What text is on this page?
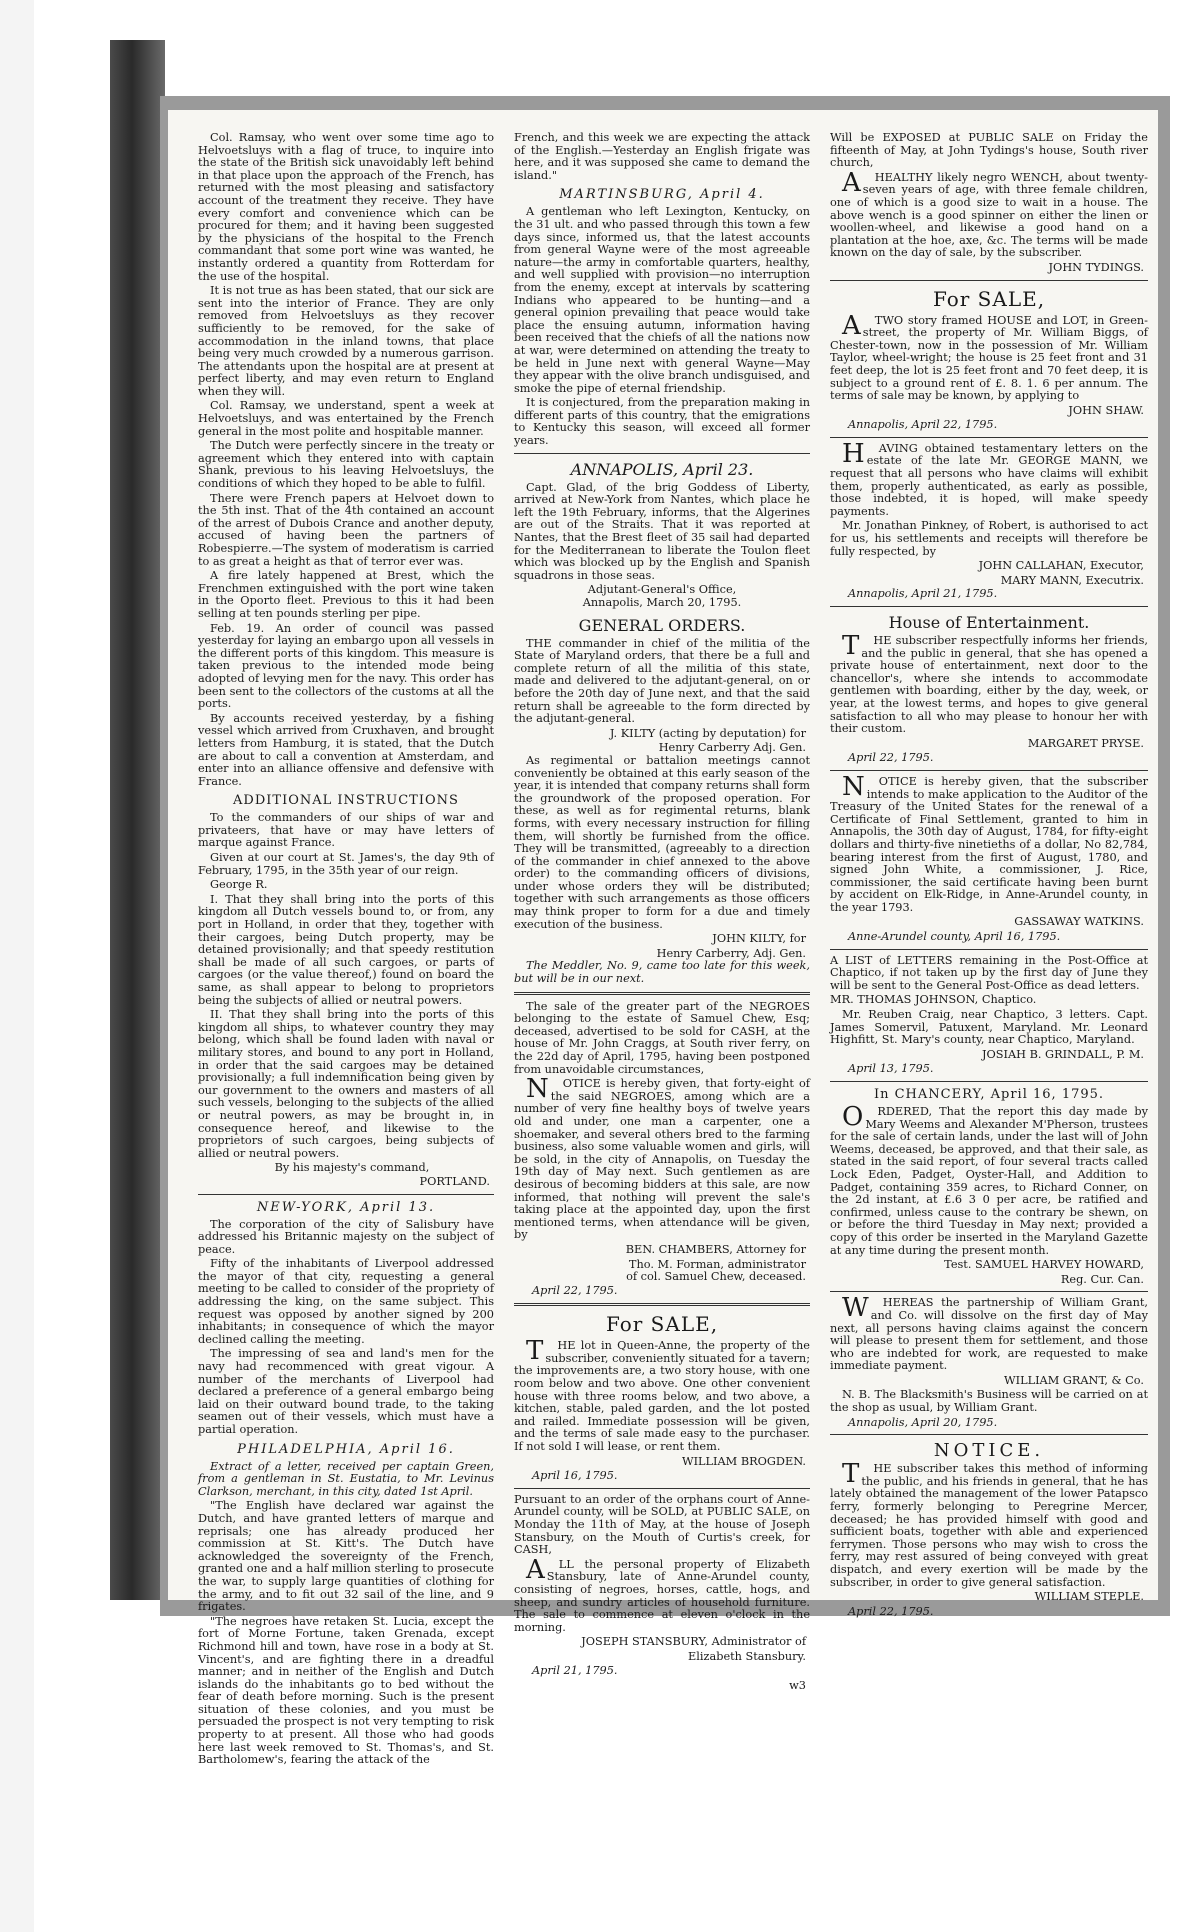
Col. Ramsay, who went over some time ago to Helvoetsluys with a flag of truce, to inquire into the state of the British sick unavoidably left behind in that place upon the approach of the French, has returned with the most pleasing and satisfactory account of the treatment they receive. They have every comfort and convenience which can be procured for them; and it having been suggested by the physicians of the hospital to the French commandant that some port wine was wanted, he instantly ordered a quantity from Rotterdam for the use of the hospital.

It is not true as has been stated, that our sick are sent into the interior of France. They are only removed from Helvoetsluys as they recover sufficiently to be removed, for the sake of accommodation in the inland towns, that place being very much crowded by a numerous garrison. The attendants upon the hospital are at present at perfect liberty, and may even return to England when they will.

Col. Ramsay, we understand, spent a week at Helvoetsluys, and was entertained by the French general in the most polite and hospitable manner.

The Dutch were perfectly sincere in the treaty or agreement which they entered into with captain Shank, previous to his leaving Helvoetsluys, the conditions of which they hoped to be able to fulfil.

There were French papers at Helvoet down to the 5th inst. That of the 4th contained an account of the arrest of Dubois Crance and another deputy, accused of having been the partners of Robespierre.—The system of moderatism is carried to as great a height as that of terror ever was.

A fire lately happened at Brest, which the Frenchmen extinguished with the port wine taken in the Oporto fleet. Previous to this it had been selling at ten pounds sterling per pipe.

Feb. 19. An order of council was passed yesterday for laying an embargo upon all vessels in the different ports of this kingdom. This measure is taken previous to the intended mode being adopted of levying men for the navy. This order has been sent to the collectors of the customs at all the ports.

By accounts received yesterday, by a fishing vessel which arrived from Cruxhaven, and brought letters from Hamburg, it is stated, that the Dutch are about to call a convention at Amsterdam, and enter into an alliance offensive and defensive with France.

ADDITIONAL INSTRUCTIONS

To the commanders of our ships of war and privateers, that have or may have letters of marque against France.

Given at our court at St. James's, the day 9th of February, 1795, in the 35th year of our reign.

George R.

I. That they shall bring into the ports of this kingdom all Dutch vessels bound to, or from, any port in Holland, in order that they, together with their cargoes, being Dutch property, may be detained provisionally; and that speedy restitution shall be made of all such cargoes, or parts of cargoes (or the value thereof,) found on board the same, as shall appear to belong to proprietors being the subjects of allied or neutral powers.

II. That they shall bring into the ports of this kingdom all ships, to whatever country they may belong, which shall be found laden with naval or military stores, and bound to any port in Holland, in order that the said cargoes may be detained provisionally; a full indemnification being given by our government to the owners and masters of all such vessels, belonging to the subjects of the allied or neutral powers, as may be brought in, in consequence hereof, and likewise to the proprietors of such cargoes, being subjects of allied or neutral powers.

By his majesty's command,

PORTLAND.
NEW-YORK, April 13.

The corporation of the city of Salisbury have addressed his Britannic majesty on the subject of peace.

Fifty of the inhabitants of Liverpool addressed the mayor of that city, requesting a general meeting to be called to consider of the propriety of addressing the king, on the same subject. This request was opposed by another signed by 200 inhabitants; in consequence of which the mayor declined calling the meeting.

The impressing of sea and land's men for the navy had recommenced with great vigour. A number of the merchants of Liverpool had declared a preference of a general embargo being laid on their outward bound trade, to the taking seamen out of their vessels, which must have a partial operation.

PHILADELPHIA, April 16.

Extract of a letter, received per captain Green, from a gentleman in St. Eustatia, to Mr. Levinus Clarkson, merchant, in this city, dated 1st April.

"The English have declared war against the Dutch, and have granted letters of marque and reprisals; one has already produced her commission at St. Kitt's. The Dutch have acknowledged the sovereignty of the French, granted one and a half million sterling to prosecute the war, to supply large quantities of clothing for the army, and to fit out 32 sail of the line, and 9 frigates.

"The negroes have retaken St. Lucia, except the fort of Morne Fortune, taken Grenada, except Richmond hill and town, have rose in a body at St. Vincent's, and are fighting there in a dreadful manner; and in neither of the English and Dutch islands do the inhabitants go to bed without the fear of death before morning. Such is the present situation of these colonies, and you must be persuaded the prospect is not very tempting to risk property to at present. All those who had goods here last week removed to St. Thomas's, and St. Bartholomew's, fearing the attack of the

French, and this week we are expecting the attack of the English.—Yesterday an English frigate was here, and it was supposed she came to demand the island."

MARTINSBURG, April 4.

A gentleman who left Lexington, Kentucky, on the 31 ult. and who passed through this town a few days since, informed us, that the latest accounts from general Wayne were of the most agreeable nature—the army in comfortable quarters, healthy, and well supplied with provision—no interruption from the enemy, except at intervals by scattering Indians who appeared to be hunting—and a general opinion prevailing that peace would take place the ensuing autumn, information having been received that the chiefs of all the nations now at war, were determined on attending the treaty to be held in June next with general Wayne—May they appear with the olive branch undisguised, and smoke the pipe of eternal friendship.

It is conjectured, from the preparation making in different parts of this country, that the emigrations to Kentucky this season, will exceed all former years.

ANNAPOLIS, April 23.

Capt. Glad, of the brig Goddess of Liberty, arrived at New-York from Nantes, which place he left the 19th February, informs, that the Algerines are out of the Straits. That it was reported at Nantes, that the Brest fleet of 35 sail had departed for the Mediterranean to liberate the Toulon fleet which was blocked up by the English and Spanish squadrons in those seas.

Adjutant-General's Office,
Annapolis, March 20, 1795.
GENERAL ORDERS.

THE commander in chief of the militia of the State of Maryland orders, that there be a full and complete return of all the militia of this state, made and delivered to the adjutant-general, on or before the 20th day of June next, and that the said return shall be agreeable to the form directed by the adjutant-general.

J. KILTY (acting by deputation) for
Henry Carberry Adj. Gen.

As regimental or battalion meetings cannot conveniently be obtained at this early season of the year, it is intended that company returns shall form the groundwork of the proposed operation. For these, as well as for regimental returns, blank forms, with every necessary instruction for filling them, will shortly be furnished from the office. They will be transmitted, (agreeably to a direction of the commander in chief annexed to the above order) to the commanding officers of divisions, under whose orders they will be distributed; together with such arrangements as those officers may think proper to form for a due and timely execution of the business.

JOHN KILTY, for
Henry Carberry, Adj. Gen.

The Meddler, No. 9, came too late for this week, but will be in our next.

The sale of the greater part of the NEGROES belonging to the estate of Samuel Chew, Esq; deceased, advertised to be sold for CASH, at the house of Mr. John Craggs, at South river ferry, on the 22d day of April, 1795, having been postponed from unavoidable circumstances,

NOTICE is hereby given, that forty-eight of the said NEGROES, among which are a number of very fine healthy boys of twelve years old and under, one man a carpenter, one a shoemaker, and several others bred to the farming business, also some valuable women and girls, will be sold, in the city of Annapolis, on Tuesday the 19th day of May next. Such gentlemen as are desirous of becoming bidders at this sale, are now informed, that nothing will prevent the sale's taking place at the appointed day, upon the first mentioned terms, when attendance will be given, by

BEN. CHAMBERS, Attorney for
Tho. M. Forman, administrator
of col. Samuel Chew, deceased.
April 22, 1795.
For SALE,

THE lot in Queen-Anne, the property of the subscriber, conveniently situated for a tavern; the improvements are, a two story house, with one room below and two above. One other convenient house with three rooms below, and two above, a kitchen, stable, paled garden, and the lot posted and railed. Immediate possession will be given, and the terms of sale made easy to the purchaser. If not sold I will lease, or rent them.

WILLIAM BROGDEN.
April 16, 1795.

Pursuant to an order of the orphans court of Anne-Arundel county, will be SOLD, at PUBLIC SALE, on Monday the 11th of May, at the house of Joseph Stansbury, on the Mouth of Curtis's creek, for CASH,

ALL the personal property of Elizabeth Stansbury, late of Anne-Arundel county, consisting of negroes, horses, cattle, hogs, and sheep, and sundry articles of household furniture. The sale to commence at eleven o'clock in the morning.

JOSEPH STANSBURY, Administrator of
Elizabeth Stansbury.
April 21, 1795.
w3

Will be EXPOSED at PUBLIC SALE on Friday the fifteenth of May, at John Tydings's house, South river church,

AHEALTHY likely negro WENCH, about twenty-seven years of age, with three female children, one of which is a good size to wait in a house. The above wench is a good spinner on either the linen or woollen-wheel, and likewise a good hand on a plantation at the hoe, axe, &c. The terms will be made known on the day of sale, by the subscriber.

JOHN TYDINGS.
For SALE,

ATWO story framed HOUSE and LOT, in Green-street, the property of Mr. William Biggs, of Chester-town, now in the possession of Mr. William Taylor, wheel-wright; the house is 25 feet front and 31 feet deep, the lot is 25 feet front and 70 feet deep, it is subject to a ground rent of £. 8. 1. 6 per annum. The terms of sale may be known, by applying to

JOHN SHAW.
Annapolis, April 22, 1795.

HAVING obtained testamentary letters on the estate of the late Mr. GEORGE MANN, we request that all persons who have claims will exhibit them, properly authenticated, as early as possible, those indebted, it is hoped, will make speedy payments.

Mr. Jonathan Pinkney, of Robert, is authorised to act for us, his settlements and receipts will therefore be fully respected, by

JOHN CALLAHAN, Executor,
MARY MANN, Executrix.
Annapolis, April 21, 1795.
House of Entertainment.

THE subscriber respectfully informs her friends, and the public in general, that she has opened a private house of entertainment, next door to the chancellor's, where she intends to accommodate gentlemen with boarding, either by the day, week, or year, at the lowest terms, and hopes to give general satisfaction to all who may please to honour her with their custom.

MARGARET PRYSE.
April 22, 1795.

NOTICE is hereby given, that the subscriber intends to make application to the Auditor of the Treasury of the United States for the renewal of a Certificate of Final Settlement, granted to him in Annapolis, the 30th day of August, 1784, for fifty-eight dollars and thirty-five ninetieths of a dollar, No 82,784, bearing interest from the first of August, 1780, and signed John White, a commissioner, J. Rice, commissioner, the said certificate having been burnt by accident on Elk-Ridge, in Anne-Arundel county, in the year 1793.

GASSAWAY WATKINS.
Anne-Arundel county, April 16, 1795.

A LIST of LETTERS remaining in the Post-Office at Chaptico, if not taken up by the first day of June they will be sent to the General Post-Office as dead letters.

MR. THOMAS JOHNSON, Chaptico.

Mr. Reuben Craig, near Chaptico, 3 letters. Capt. James Somervil, Patuxent, Maryland. Mr. Leonard Highfitt, St. Mary's county, near Chaptico, Maryland.

JOSIAH B. GRINDALL, P. M.
April 13, 1795.
In CHANCERY, April 16, 1795.

ORDERED, That the report this day made by Mary Weems and Alexander M'Pherson, trustees for the sale of certain lands, under the last will of John Weems, deceased, be approved, and that their sale, as stated in the said report, of four several tracts called Lock Eden, Padget, Oyster-Hall, and Addition to Padget, containing 359 acres, to Richard Conner, on the 2d instant, at £.6 3 0 per acre, be ratified and confirmed, unless cause to the contrary be shewn, on or before the third Tuesday in May next; provided a copy of this order be inserted in the Maryland Gazette at any time during the present month.

Test. SAMUEL HARVEY HOWARD,
Reg. Cur. Can.

WHEREAS the partnership of William Grant, and Co. will dissolve on the first day of May next, all persons having claims against the concern will please to present them for settlement, and those who are indebted for work, are requested to make immediate payment.

WILLIAM GRANT, & Co.

N. B. The Blacksmith's Business will be carried on at the shop as usual, by William Grant.

Annapolis, April 20, 1795.
NOTICE.

THE subscriber takes this method of informing the public, and his friends in general, that he has lately obtained the management of the lower Patapsco ferry, formerly belonging to Peregrine Mercer, deceased; he has provided himself with good and sufficient boats, together with able and experienced ferrymen. Those persons who may wish to cross the ferry, may rest assured of being conveyed with great dispatch, and every exertion will be made by the subscriber, in order to give general satisfaction.

WILLIAM STEPLE.
April 22, 1795.
